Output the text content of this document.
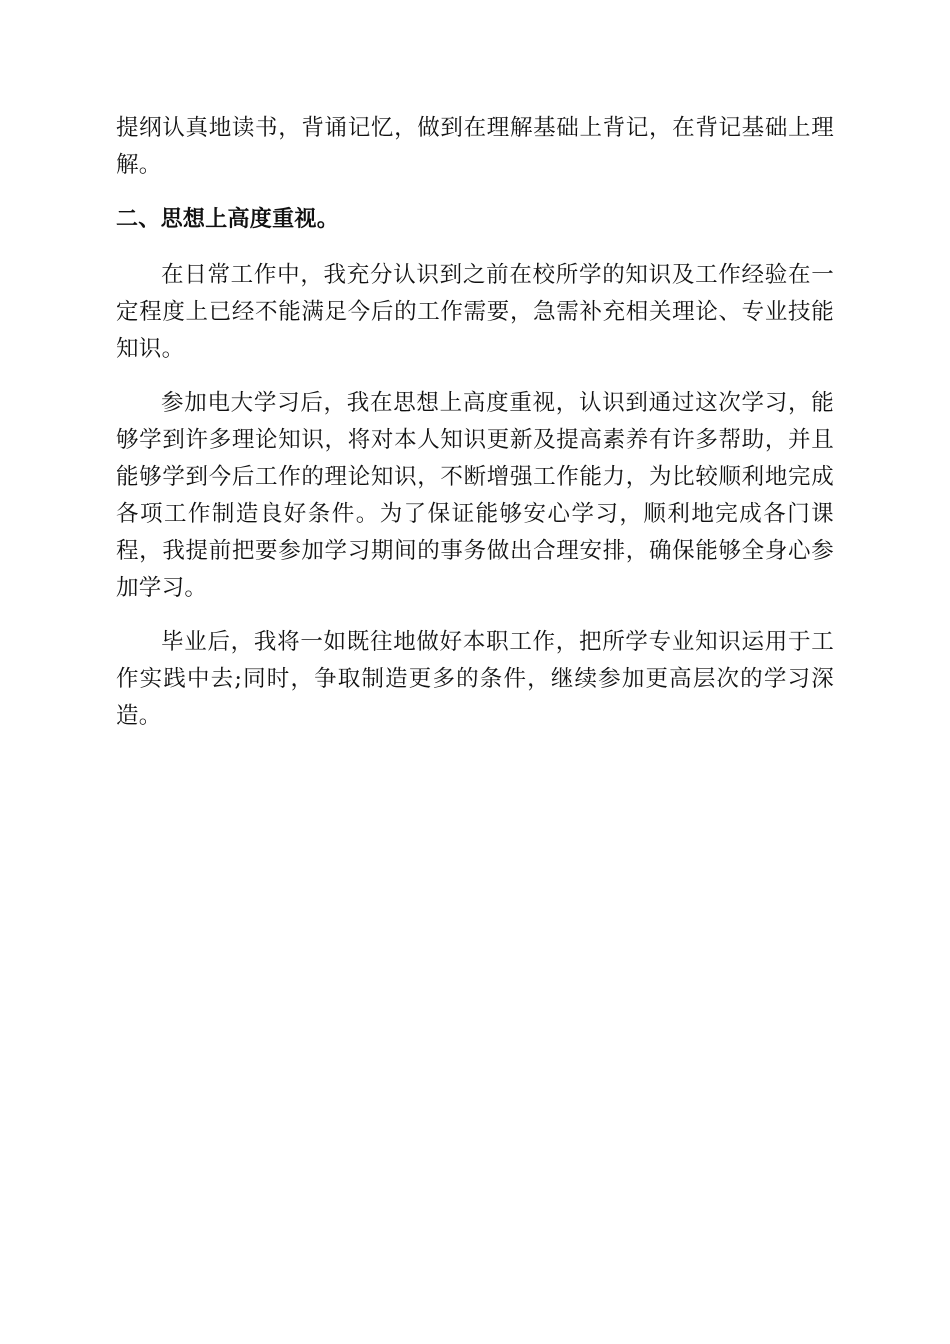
提纲认真地读书，背诵记忆，做到在理解基础上背记，在背记基础上理解。

二、思想上高度重视。

在日常工作中，我充分认识到之前在校所学的知识及工作经验在一定程度上已经不能满足今后的工作需要，急需补充相关理论、专业技能知识。

参加电大学习后，我在思想上高度重视，认识到通过这次学习，能够学到许多理论知识，将对本人知识更新及提高素养有许多帮助，并且能够学到今后工作的理论知识，不断增强工作能力，为比较顺利地完成各项工作制造良好条件。为了保证能够安心学习，顺利地完成各门课程，我提前把要参加学习期间的事务做出合理安排，确保能够全身心参加学习。

毕业后，我将一如既往地做好本职工作，把所学专业知识运用于工作实践中去;同时，争取制造更多的条件，继续参加更高层次的学习深造。
